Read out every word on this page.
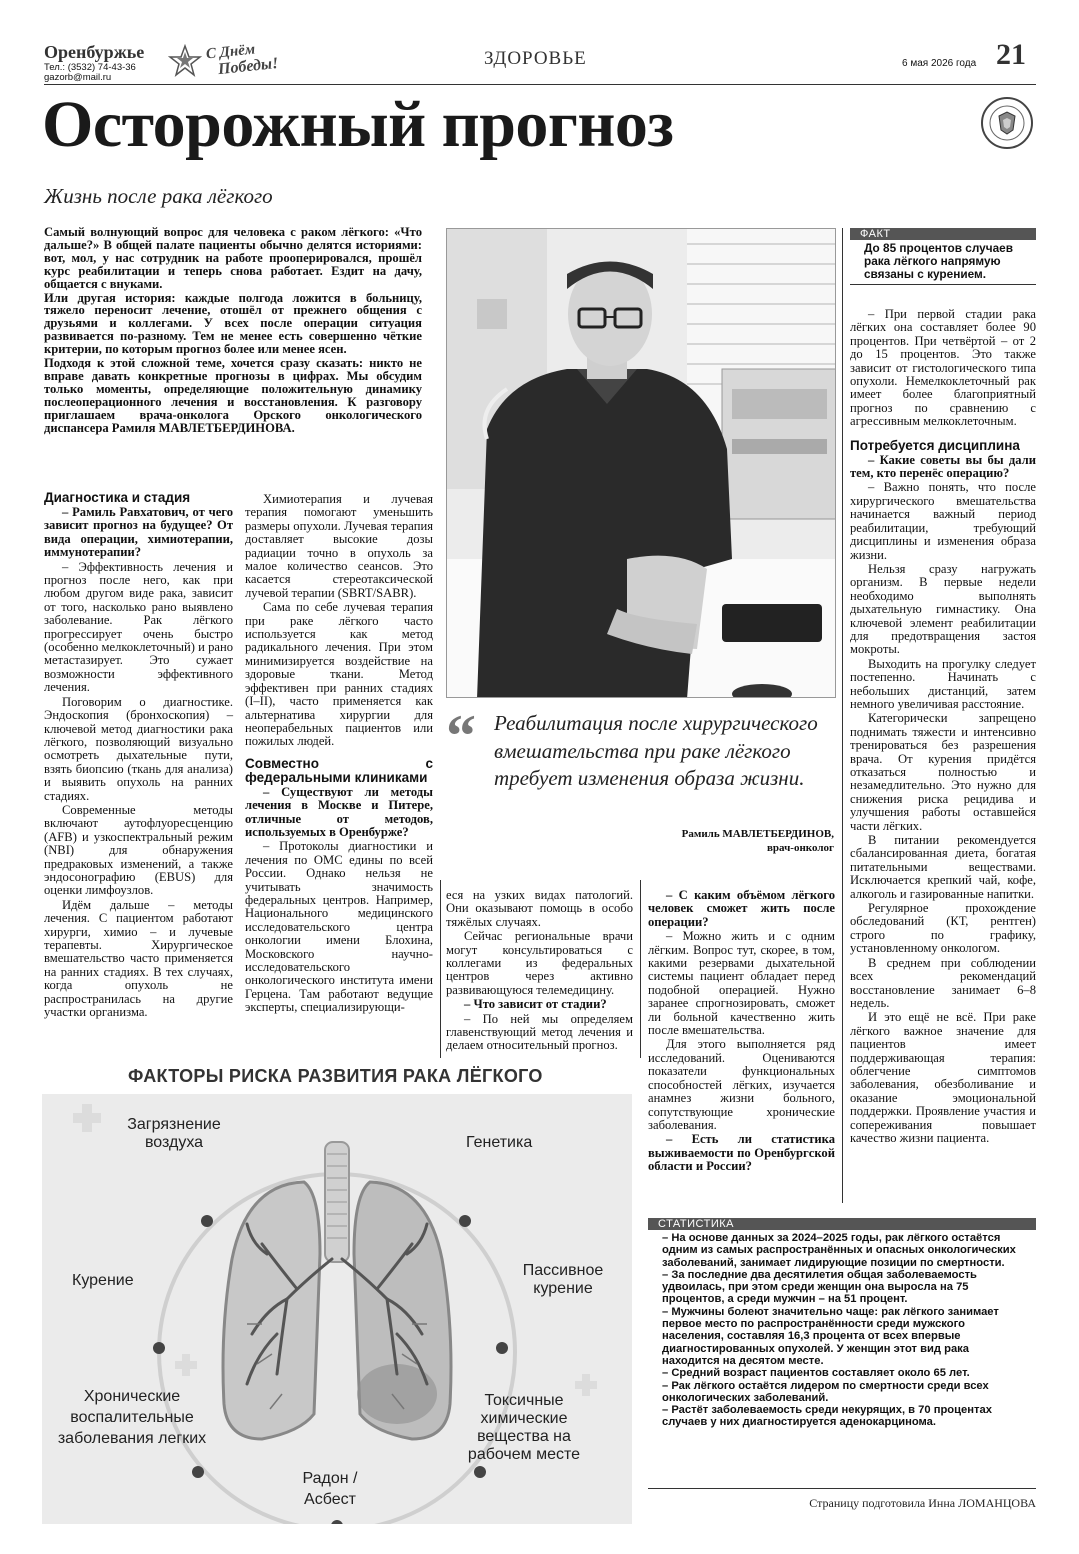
Оренбуржье
Тел.: (3532) 74-43-36
gazorb@mail.ru
С Днём
Победы!	ЗДОРОВЬЕ	6 мая 2026 года 21
Осторожный прогноз
Жизнь после рака лёгкого

Самый волнующий вопрос для человека с раком лёгкого: «Что дальше?» В общей палате пациенты обычно делятся историями: вот, мол, у нас сотрудник на работе прооперировался, прошёл курс реабилитации и теперь снова работает. Ездит на дачу, общается с внуками.

Или другая история: каждые полгода ложится в больницу, тяжело переносит лечение, отошёл от прежнего общения с друзьями и коллегами. У всех после операции ситуация развивается по-разному. Тем не менее есть совершенно чёткие критерии, по которым прогноз более или менее ясен.

Подходя к этой сложной теме, хочется сразу сказать: никто не вправе давать конкретные прогнозы в цифрах. Мы обсудим только моменты, определяющие положительную динамику послеоперационного лечения и восстановления. К разговору приглашаем врача-онколога Орского онкологического диспансера Рамиля МАВЛЕТБЕРДИНОВА.

“ Реабилитация после хирургического вмешательства при раке лёгкого требует изменения образа жизни.
Рамиль МАВЛЕТБЕРДИНОВ,
врач-онколог
ФАКТ
До 85 процентов случаев рака лёгкого напрямую связаны с курением.

Диагностика и стадия

– Рамиль Равхатович, от чего зависит прогноз на будущее? От вида операции, химиотерапии, иммунотерапии?

– Эффективность лечения и прогноз после него, как при любом другом виде рака, зависит от того, насколько рано выявлено заболевание. Рак лёгкого прогрессирует очень быстро (особенно мелкоклеточный) и рано метастазирует. Это сужает возможности эффективного лечения.

Поговорим о диагностике. Эндоскопия (бронхоскопия) – ключевой метод диагностики рака лёгкого, позволяющий визуально осмотреть дыхательные пути, взять биопсию (ткань для анализа) и выявить опухоль на ранних стадиях.

Современные методы включают аутофлуоресценцию (AFB) и узкоспектральный режим (NBI) для обнаружения предраковых изменений, а также эндосонографию (EBUS) для оценки лимфоузлов.

Идём дальше – методы лечения. С пациентом работают хирурги, химио – и лучевые терапевты. Хирургическое вмешательство часто применяется на ранних стадиях. В тех случаях, когда опухоль не распространилась на другие участки организма.

Химиотерапия и лучевая терапия помогают уменьшить размеры опухоли. Лучевая терапия доставляет высокие дозы радиации точно в опухоль за малое количество сеансов. Это касается стереотаксической лучевой терапии (SBRT/SABR).

Сама по себе лучевая терапия при раке лёгкого часто используется как метод радикального лечения. При этом минимизируется воздействие на здоровые ткани. Метод эффективен при ранних стадиях (I–II), часто применяется как альтернатива хирургии для неоперабельных пациентов или пожилых людей.

Совместно с федеральными клиниками

– Существуют ли методы лечения в Москве и Питере, отличные от методов, используемых в Оренбурже?

– Протоколы диагностики и лечения по ОМС едины по всей России. Однако нельзя не учитывать значимость федеральных центров. Например, Национального медицинского исследовательского центра онкологии имени Блохина, Московского научно-исследовательского онкологического института имени Герцена. Там работают ведущие эксперты, специализирующи-

еся на узких видах патологий. Они оказывают помощь в особо тяжёлых случаях.

Сейчас региональные врачи могут консультироваться с коллегами из федеральных центров через активно развивающуюся телемедицину.

– Что зависит от стадии?

– По ней мы определяем главенствующий метод лечения и делаем относительный прогноз.

– С каким объёмом лёгкого человек сможет жить после операции?

– Можно жить и с одним лёгким. Вопрос тут, скорее, в том, какими резервами дыхательной системы пациент обладает перед подобной операцией. Нужно заранее спрогнозировать, сможет ли больной качественно жить после вмешательства.

Для этого выполняется ряд исследований. Оцениваются показатели функциональных способностей лёгких, изучается анамнез жизни больного, сопутствующие хронические заболевания.

– Есть ли статистика выживаемости по Оренбургской области и России?

– При первой стадии рака лёгких она составляет более 90 процентов. При четвёртой – от 2 до 15 процентов. Это также зависит от гистологического типа опухоли. Немелкоклеточный рак имеет более благоприятный прогноз по сравнению с агрессивным мелкоклеточным.

Потребуется дисциплина

– Какие советы вы бы дали тем, кто перенёс операцию?

– Важно понять, что после хирургического вмешательства начинается важный период реабилитации, требующий дисциплины и изменения образа жизни.

Нельзя сразу нагружать организм. В первые недели необходимо выполнять дыхательную гимнастику. Она ключевой элемент реабилитации для предотвращения застоя мокроты.

Выходить на прогулку следует постепенно. Начинать с небольших дистанций, затем немного увеличивая расстояние.

Категорически запрещено поднимать тяжести и интенсивно тренироваться без разрешения врача. От курения придётся отказаться полностью и незамедлительно. Это нужно для снижения риска рецидива и улучшения работы оставшейся части лёгких.

В питании рекомендуется сбалансированная диета, богатая питательными веществами. Исключается крепкий чай, кофе, алкоголь и газированные напитки.

Регулярное прохождение обследований (КТ, рентген) строго по графику, установленному онкологом.

В среднем при соблюдении всех рекомендаций восстановление занимает 6–8 недель.

И это ещё не всё. При раке лёгкого важное значение для пациентов имеет поддерживающая терапия: облегчение симптомов заболевания, обезболивание и оказание эмоциональной поддержки. Проявление участия и сопереживания повышает качество жизни пациента.

ФАКТОРЫ РИСКА РАЗВИТИЯ РАКА ЛЁГКОГО
Загрязнение
воздуха	Генетика
Курение
Пассивное
курение
Хронические
воспалительные
заболевания легких
Токсичные
химические
вещества на
рабочем месте
Радон /
Асбест
СТАТИСТИКА
– На основе данных за 2024–2025 годы, рак лёгкого остаётся одним из самых распространённых и опасных онкологических заболеваний, занимает лидирующие позиции по смертности.
– За последние два десятилетия общая заболеваемость удвоилась, при этом среди женщин она выросла на 75 процентов, а среди мужчин – на 51 процент.
– Мужчины болеют значительно чаще: рак лёгкого занимает первое место по распространённости среди мужского населения, составляя 16,3 процента от всех впервые диагностированных опухолей. У женщин этот вид рака находится на десятом месте.
– Средний возраст пациентов составляет около 65 лет.
– Рак лёгкого остаётся лидером по смертности среди всех онкологических заболеваний.
– Растёт заболеваемость среди некурящих, в 70 процентах случаев у них диагностируется аденокарцинома.
Страницу подготовила Инна ЛОМАНЦОВА
